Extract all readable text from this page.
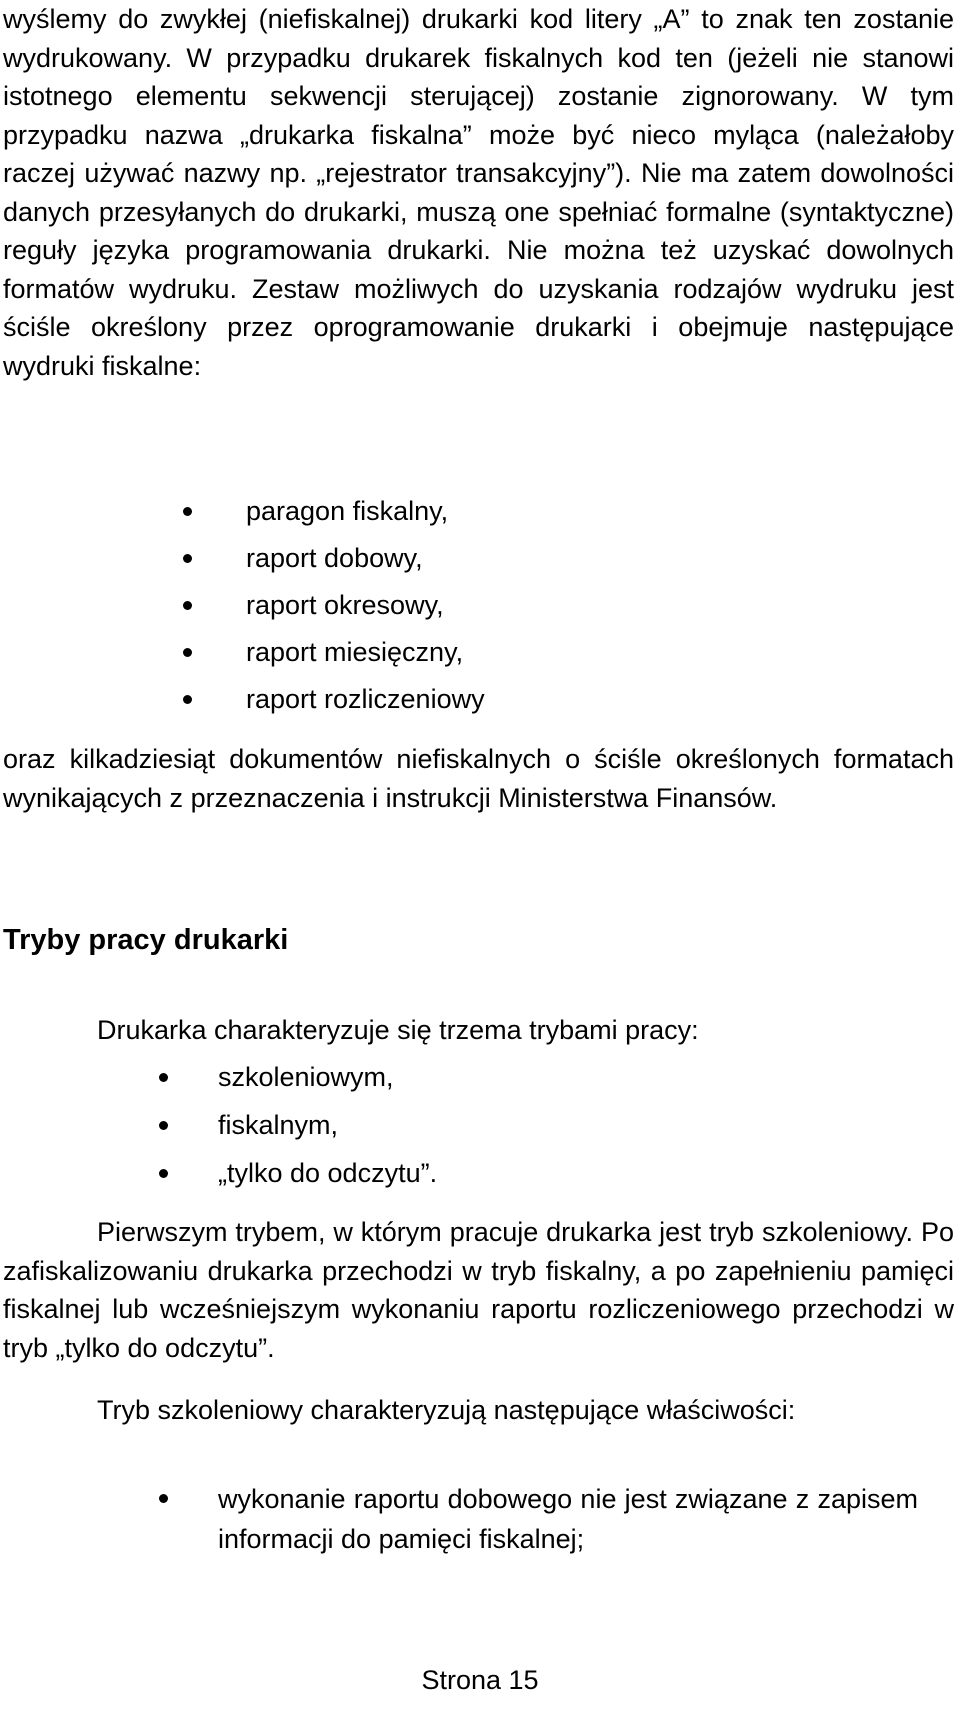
wyślemy do zwykłej (niefiskalnej) drukarki kod litery „A” to znak ten zostanie wydrukowany. W przypadku drukarek fiskalnych kod ten (jeżeli nie stanowi istotnego elementu sekwencji sterującej) zostanie zignorowany. W tym przypadku nazwa „drukarka fiskalna” może być nieco myląca (należałoby raczej używać nazwy np. „rejestrator transakcyjny”). Nie ma zatem dowolności danych przesyłanych do drukarki, muszą one spełniać formalne (syntaktyczne) reguły języka programowania drukarki. Nie można też uzyskać dowolnych formatów wydruku. Zestaw możliwych do uzyskania rodzajów wydruku jest ściśle określony przez oprogramowanie drukarki i obejmuje następujące wydruki fiskalne:

paragon fiskalny,
raport dobowy,
raport okresowy,
raport miesięczny,
raport rozliczeniowy

oraz kilkadziesiąt dokumentów niefiskalnych o ściśle określonych formatach wynikających z przeznaczenia i instrukcji Ministerstwa Finansów.

Tryby pracy drukarki

Drukarka charakteryzuje się trzema trybami pracy:

szkoleniowym,
fiskalnym,
„tylko do odczytu”.

Pierwszym trybem, w którym pracuje drukarka jest tryb szkoleniowy. Po zafiskalizowaniu drukarka przechodzi w tryb fiskalny, a po zapełnieniu pamięci fiskalnej lub wcześniejszym wykonaniu raportu rozliczeniowego przechodzi w tryb „tylko do odczytu”.

Tryb szkoleniowy charakteryzują następujące właściwości:

wykonanie raportu dobowego nie jest związane z zapisem informacji do pamięci fiskalnej;

Strona 15
